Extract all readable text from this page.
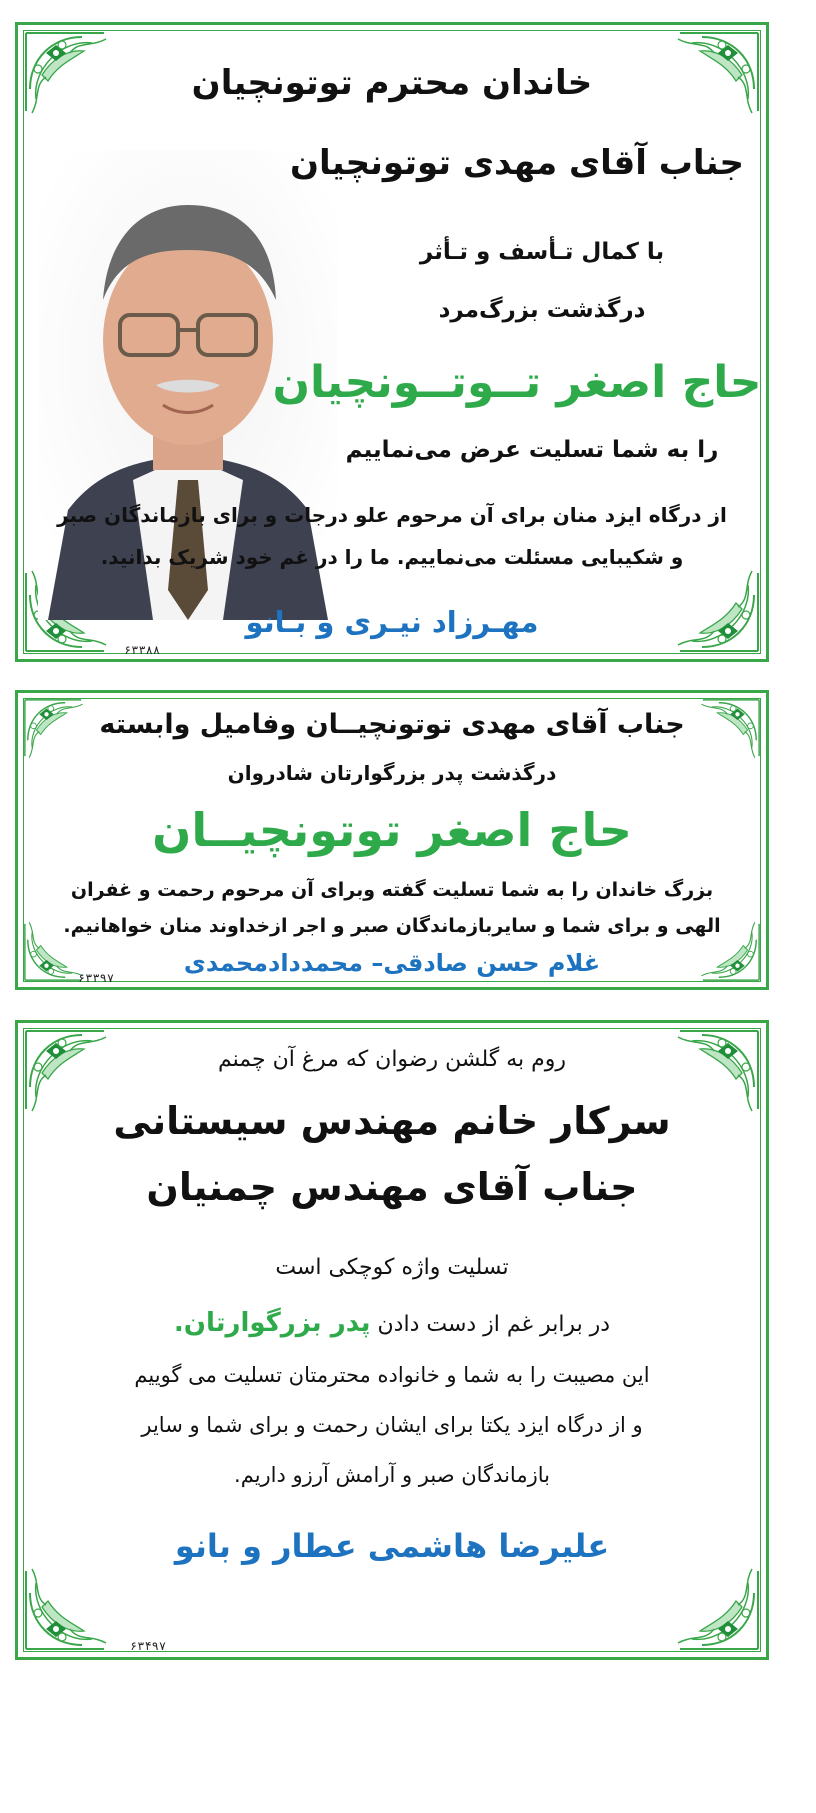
خاندان محترم توتونچیان
جناب آقای مهدی توتونچیان
با کمال تـأسف و تـأثر
درگذشت بزرگ‌مرد
حاج اصغر تــوتــونچیان
را به شما تسلیت عرض می‌نماییم
از درگاه ایزد منان برای آن مرحوم علو درجات و برای بازماندگان صبر
و شکیبایی مسئلت می‌نماییم. ما را در غم خود شریک بدانید.
مهـرزاد نیـری و بـانو
۶۳۳۸۸
جناب آقای مهدی توتونچیــان وفامیل وابسته
درگذشت پدر بزرگوارتان شادروان
حاج اصغر توتونچیــان
بزرگ خاندان را به شما تسلیت گفته وبرای آن مرحوم رحمت و غفران
الهی و برای شما و سایربازماندگان صبر و اجر ازخداوند منان خواهانیم.
غلام حسن صادقی– محمددادمحمدی
۶۳۳۹۷
روم به گلشن رضوان که مرغ آن چمنم
سرکار خانم مهندس سیستانی
جناب آقای مهندس چمنیان
تسلیت واژه کوچکی است
در برابر غم از دست دادن پدر بزرگوارتان.
این مصیبت را به شما و خانواده محترمتان تسلیت می گوییم
و از درگاه ایزد یکتا برای ایشان رحمت و برای شما و سایر
بازماندگان صبر و آرامش آرزو داریم.
علیرضا هاشمی عطار و بانو
۶۳۴۹۷
